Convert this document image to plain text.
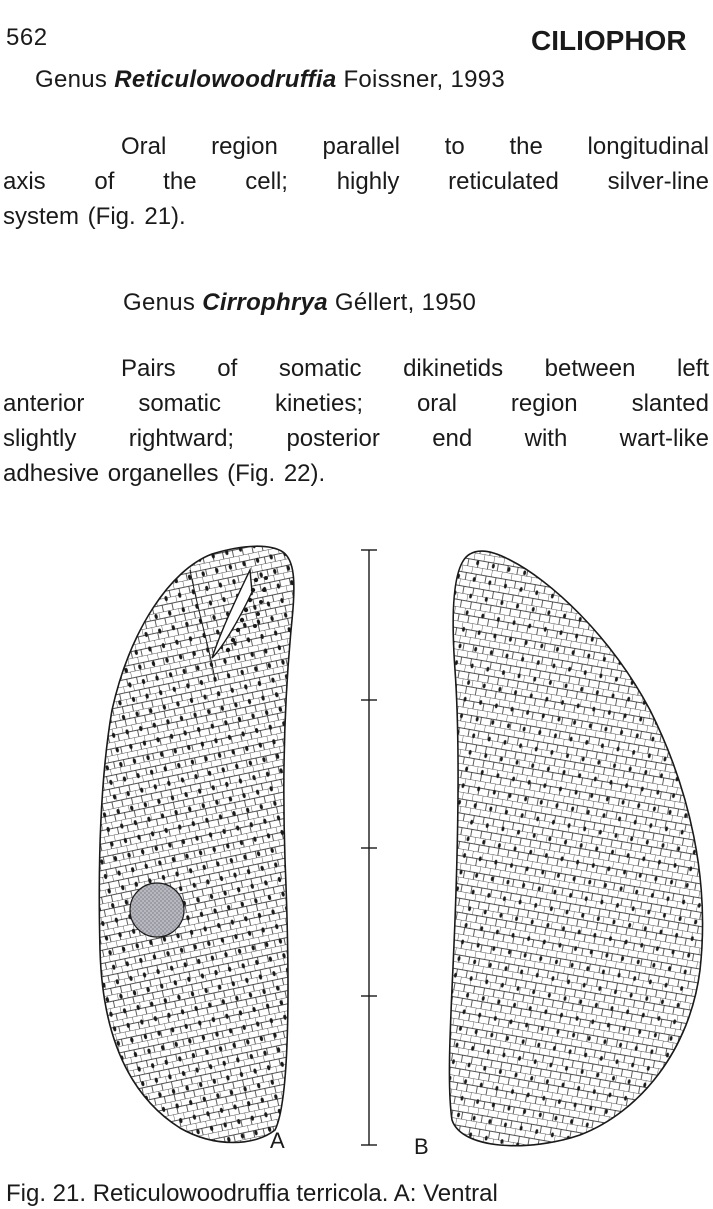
562	CILIOPHOR
Genus Reticulowoodruffia Foissner, 1993
Oral region parallel to the longitudinal
axis of the cell; highly reticulated silver-line
system (Fig. 21).
Genus Cirrophrya Géllert, 1950
Pairs of somatic dikinetids between left
anterior somatic kineties; oral region slanted
slightly rightward; posterior end with wart-like
adhesive organelles (Fig. 22).
A	B
Fig. 21. Reticulowoodruffia terricola. A: Ventral
